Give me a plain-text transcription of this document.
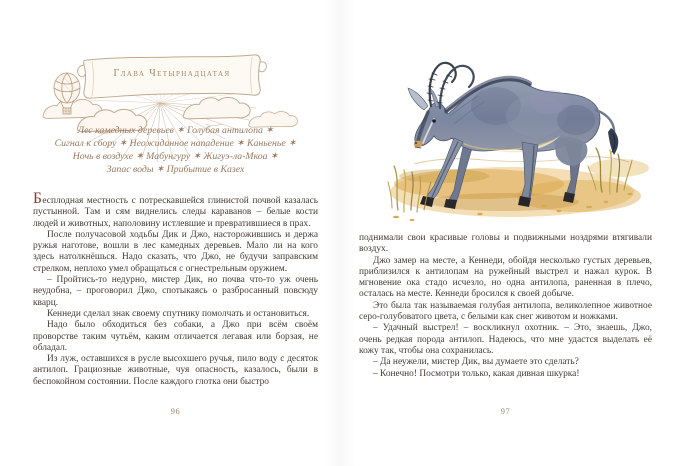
Глава Четырнадцатая
Лес камедных деревьев ✶ Голубая антилопа ✶
Сигнал к сбору ✶ Неожиданное нападение ✶ Каньенье ✶
Ночь в воздухе ✶ Мабунгуру ✶ Жигуэ-ла-Мкоа ✶
Запас воды ✶ Прибытие в Казех

Бесплодная местность с потрескавшейся глинистой почвой казалась пустынной. Там и сям виднелись следы караванов – белые кости людей и животных, наполовину истлевшие и превратившиеся в прах.

После получасовой ходьбы Дик и Джо, насторожившись и держа ружья наготове, вошли в лес камедных деревьев. Мало ли на кого здесь натолкнёшься. Надо сказать, что Джо, не будучи заправским стрелком, неплохо умел обращаться с огнестрельным оружием.

– Пройтись-то недурно, мистер Дик, но почва что-то уж очень неудобна, – проговорил Джо, спотыкаясь о разбросанный повсюду кварц.

Кеннеди сделал знак своему спутнику помолчать и остановиться.

Надо было обходиться без собаки, а Джо при всём своём проворстве таким чутьём, каким отличается легавая или борзая, не обладал.

Из луж, оставшихся в русле высохшего ручья, пило воду с десяток антилоп. Грациозные животные, чуя опасность, казалось, были в беспокойном состоянии. После каждого глотка они быстро

96

поднимали свои красивые головы и подвижными ноздрями втягивали воздух.

Джо замер на месте, а Кеннеди, обойдя несколько густых деревьев, приблизился к антилопам на ружейный выстрел и нажал курок. В мгновение ока стадо исчезло, но одна антилопа, раненная в плечо, осталась на месте. Кеннеди бросился к своей добыче.

Это была так называемая голубая антилопа, великолепное животное серо-голубоватого цвета, с белыми как снег животом и ножками.

– Удачный выстрел! – воскликнул охотник. – Это, знаешь, Джо, очень редкая порода антилоп. Надеюсь, что мне удастся выделать её кожу так, чтобы она сохранилась.

– Да неужели, мистер Дик, вы думаете это сделать?

– Конечно! Посмотри только, какая дивная шкурка!

97
